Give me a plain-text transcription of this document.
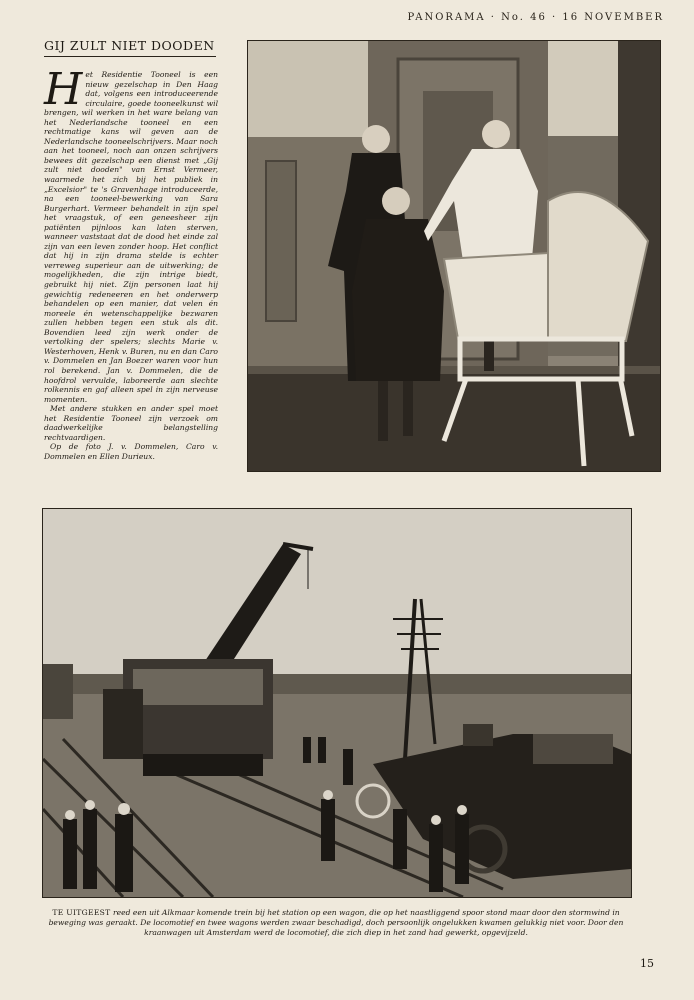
PANORAMA · No. 46 · 16 NOVEMBER
GIJ ZULT NIET DOODEN

Het Residentie Tooneel is een nieuw gezelschap in Den Haag dat, volgens een introduceerende circulaire, goede tooneelkunst wil brengen, wil werken in het ware belang van het Nederlandsche tooneel en een rechtmatige kans wil geven aan de Nederlandsche tooneelschrijvers. Maar noch aan het tooneel, noch aan onzen schrijvers bewees dit gezelschap een dienst met „Gij zult niet dooden" van Ernst Vermeer, waarmede het zich bij het publiek in „Excelsior" te 's Gravenhage introduceerde, na een tooneel-bewerking van Sara Burgerhart. Vermeer behandelt in zijn spel het vraagstuk, of een geneesheer zijn patiënten pijnloos kan laten sterven, wanneer vaststaat dat de dood het einde zal zijn van een leven zonder hoop. Het conflict dat hij in zijn drama stelde is echter verreweg superieur aan de uitwerking; de mogelijkheden, die zijn intrige biedt, gebruikt hij niet. Zijn personen laat hij gewichtig redeneeren en het onderwerp behandelen op een manier, dat velen én moreele én wetenschappelijke bezwaren zullen hebben tegen een stuk als dit. Bovendien leed zijn werk onder de vertolking der spelers; slechts Marie v. Westerhoven, Henk v. Buren, nu en dan Caro v. Dommelen en Jan Boezer waren voor hun rol berekend. Jan v. Dommelen, die de hoofdrol vervulde, laboreerde aan slechte rolkennis en gaf alleen spel in zijn nerveuse momenten.

Met andere stukken en ander spel moet het Residentie Tooneel zijn verzoek om daadwerkelijke belangstelling rechtvaardigen.

Op de foto J. v. Dommelen, Caro v. Dommelen en Ellen Durieux.

TE UITGEEST reed een uit Alkmaar komende trein bij het station op een wagon, die op het naastliggend spoor stond maar door den stormwind in beweging was geraakt. De locomotief en twee wagons werden zwaar beschadigd, doch persoonlijk ongelukken kwamen gelukkig niet voor. Door den kraanwagen uit Amsterdam werd de locomotief, die zich diep in het zand had gewerkt, opgevijzeld.

15
